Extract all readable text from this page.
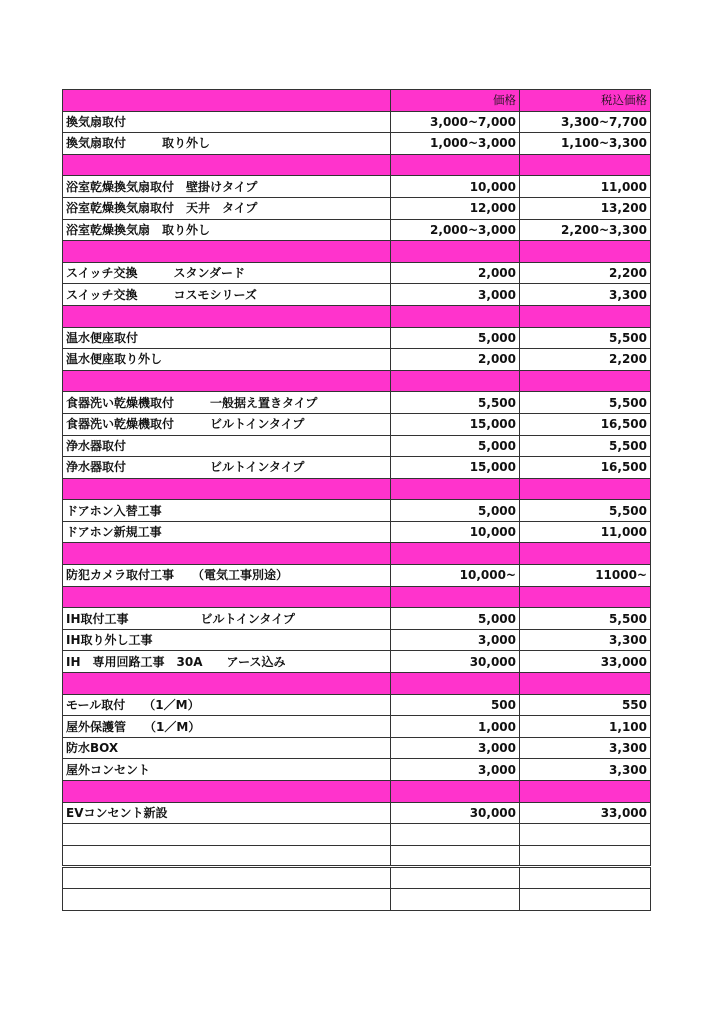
	価格	税込価格
換気扇取付	3,000~7,000	3,300~7,700
換気扇取付　　　取り外し	1,000~3,000	1,100~3,300

浴室乾燥換気扇取付　壁掛けタイプ	10,000	11,000
浴室乾燥換気扇取付　天井　タイプ	12,000	13,200
浴室乾燥換気扇　取り外し	2,000~3,000	2,200~3,300

スイッチ交換　　　スタンダード	2,000	2,200
スイッチ交換　　　コスモシリーズ	3,000	3,300

温水便座取付	5,000	5,500
温水便座取り外し	2,000	2,200

食器洗い乾燥機取付　　　一般据え置きタイプ	5,500	5,500
食器洗い乾燥機取付　　　ビルトインタイプ	15,000	16,500
浄水器取付	5,000	5,500
浄水器取付　　　　　　　ビルトインタイプ	15,000	16,500

ドアホン入替工事	5,000	5,500
ドアホン新規工事	10,000	11,000

防犯カメラ取付工事　　（電気工事別途）	10,000~	11000~

IH取付工事　　　　　　ビルトインタイプ	5,000	5,500
IH取り外し工事	3,000	3,300
IH　専用回路工事　30A　　アース込み	30,000	33,000

モール取付　　（1／M）	500	550
屋外保護管　　（1／M）	1,000	1,100
防水BOX	3,000	3,300
屋外コンセント	3,000	3,300

EVコンセント新設	30,000	33,000
